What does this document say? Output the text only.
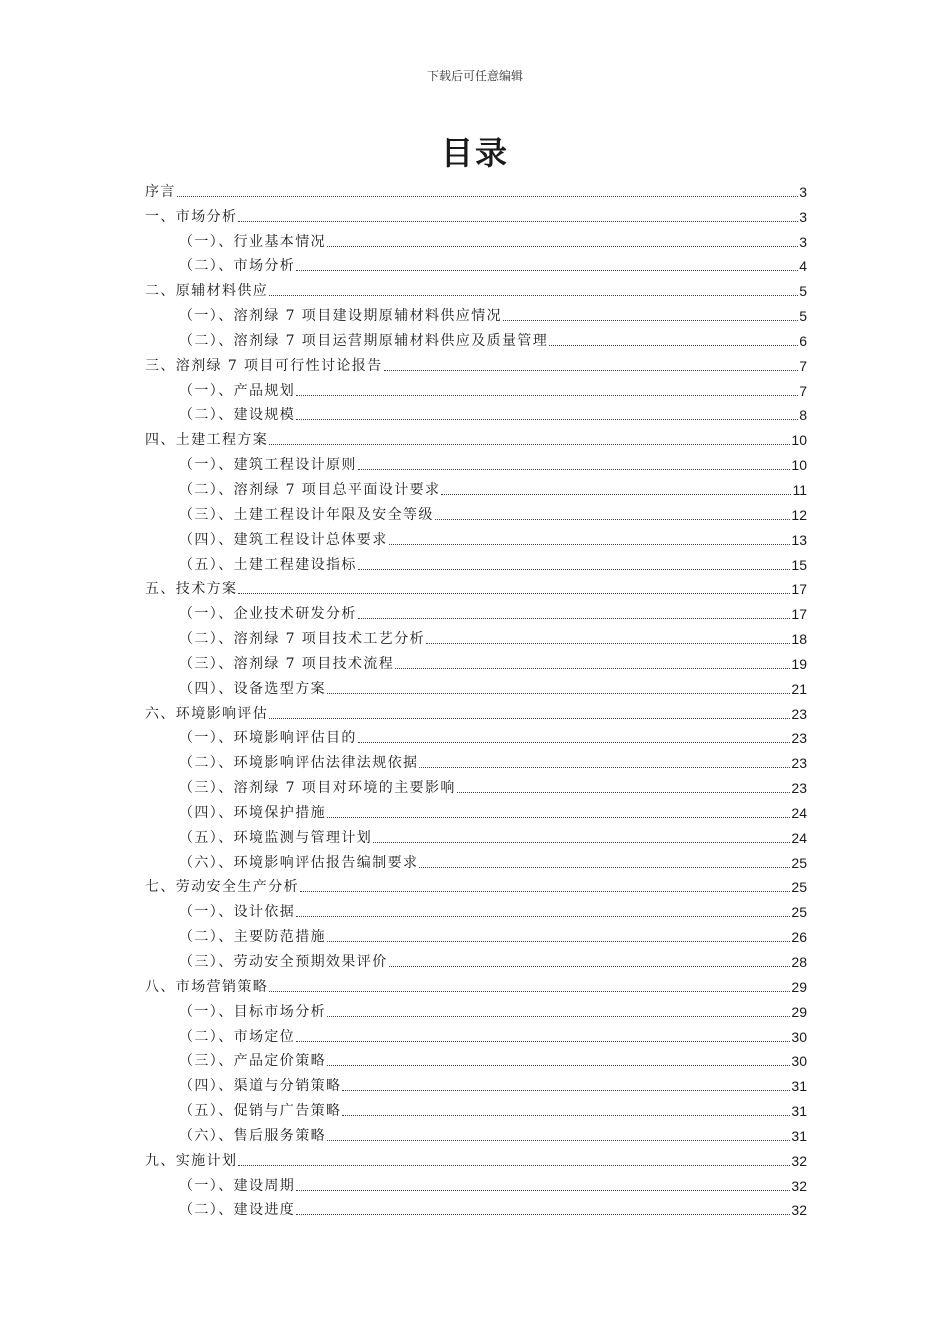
下载后可任意编辑
目录
序言	3
一、市场分析	3
（一）、行业基本情况	3
（二）、市场分析	4
二、原辅材料供应	5
（一）、溶剂绿 7 项目建设期原辅材料供应情况	5
（二）、溶剂绿 7 项目运营期原辅材料供应及质量管理	6
三、溶剂绿 7 项目可行性讨论报告	7
（一）、产品规划	7
（二）、建设规模	8
四、土建工程方案	10
（一）、建筑工程设计原则	10
（二）、溶剂绿 7 项目总平面设计要求	11
（三）、土建工程设计年限及安全等级	12
（四）、建筑工程设计总体要求	13
（五）、土建工程建设指标	15
五、技术方案	17
（一）、企业技术研发分析	17
（二）、溶剂绿 7 项目技术工艺分析	18
（三）、溶剂绿 7 项目技术流程	19
（四）、设备选型方案	21
六、环境影响评估	23
（一）、环境影响评估目的	23
（二）、环境影响评估法律法规依据	23
（三）、溶剂绿 7 项目对环境的主要影响	23
（四）、环境保护措施	24
（五）、环境监测与管理计划	24
（六）、环境影响评估报告编制要求	25
七、劳动安全生产分析	25
（一）、设计依据	25
（二）、主要防范措施	26
（三）、劳动安全预期效果评价	28
八、市场营销策略	29
（一）、目标市场分析	29
（二）、市场定位	30
（三）、产品定价策略	30
（四）、渠道与分销策略	31
（五）、促销与广告策略	31
（六）、售后服务策略	31
九、实施计划	32
（一）、建设周期	32
（二）、建设进度	32
